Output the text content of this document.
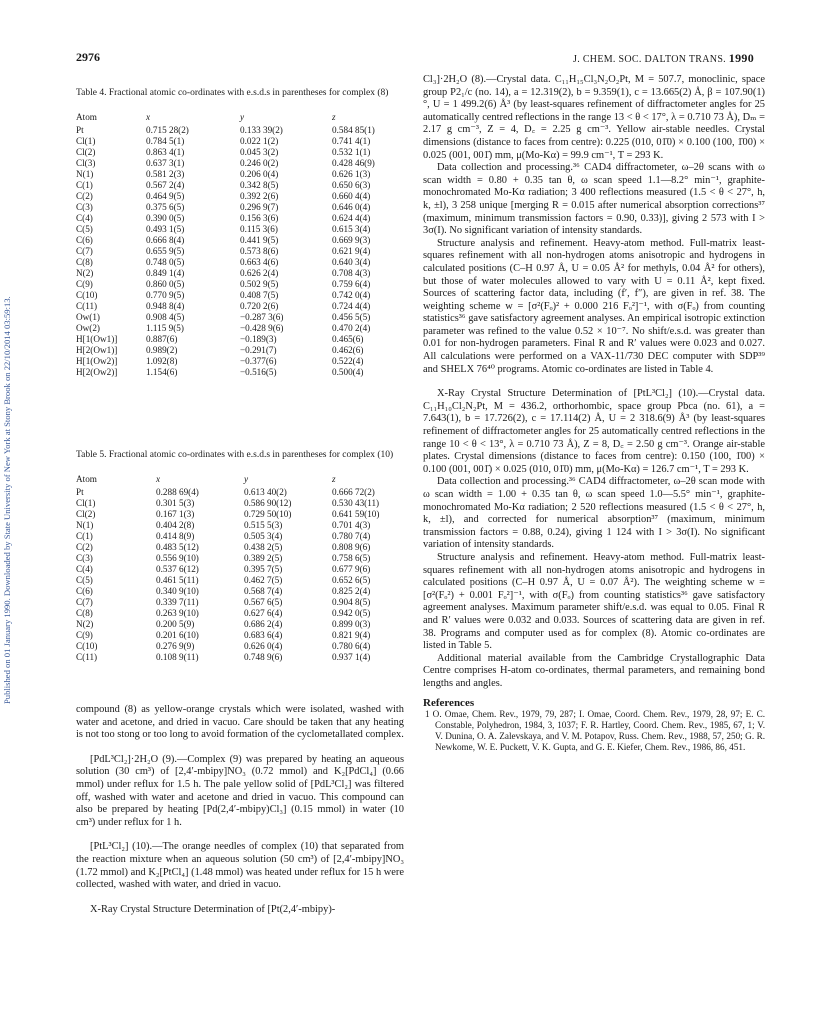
Published on 01 January 1990. Downloaded by State University of New York at Stony Brook on 22/10/2014 03:59:13.
2976	J. CHEM. SOC. DALTON TRANS. 1990
Table 4. Fractional atomic co-ordinates with e.s.d.s in parentheses for complex (8)
Atom	x	y	z
Pt	0.715 28(2)	0.133 39(2)	0.584 85(1)
Cl(1)	0.784 5(1)	0.022 1(2)	0.741 4(1)
Cl(2)	0.863 4(1)	0.045 3(2)	0.532 1(1)
Cl(3)	0.637 3(1)	0.246 0(2)	0.428 46(9)
N(1)	0.581 2(3)	0.206 0(4)	0.626 1(3)
C(1)	0.567 2(4)	0.342 8(5)	0.650 6(3)
C(2)	0.464 9(5)	0.392 2(6)	0.660 4(4)
C(3)	0.375 6(5)	0.296 9(7)	0.646 0(4)
C(4)	0.390 0(5)	0.156 3(6)	0.624 4(4)
C(5)	0.493 1(5)	0.115 3(6)	0.615 3(4)
C(6)	0.666 8(4)	0.441 9(5)	0.669 9(3)
C(7)	0.655 9(5)	0.573 8(6)	0.621 9(4)
C(8)	0.748 0(5)	0.663 4(6)	0.640 3(4)
N(2)	0.849 1(4)	0.626 2(4)	0.708 4(3)
C(9)	0.860 0(5)	0.502 9(5)	0.759 6(4)
C(10)	0.770 9(5)	0.408 7(5)	0.742 0(4)
C(11)	0.948 8(4)	0.720 2(6)	0.724 4(4)
Ow(1)	0.908 4(5)	−0.287 3(6)	0.456 5(5)
Ow(2)	1.115 9(5)	−0.428 9(6)	0.470 2(4)
H[1(Ow1)]	0.887(6)	−0.189(3)	0.465(6)
H[2(Ow1)]	0.989(2)	−0.291(7)	0.462(6)
H[1(Ow2)]	1.092(8)	−0.377(6)	0.522(4)
H[2(Ow2)]	1.154(6)	−0.516(5)	0.500(4)
Table 5. Fractional atomic co-ordinates with e.s.d.s in parentheses for complex (10)
Atom	x	y	z
Pt	0.288 69(4)	0.613 40(2)	0.666 72(2)
Cl(1)	0.301 5(3)	0.586 90(12)	0.530 43(11)
Cl(2)	0.167 1(3)	0.729 50(10)	0.641 59(10)
N(1)	0.404 2(8)	0.515 5(3)	0.701 4(3)
C(1)	0.414 8(9)	0.505 3(4)	0.780 7(4)
C(2)	0.483 5(12)	0.438 2(5)	0.808 9(6)
C(3)	0.556 9(10)	0.389 2(5)	0.758 6(5)
C(4)	0.537 6(12)	0.395 7(5)	0.677 9(6)
C(5)	0.461 5(11)	0.462 7(5)	0.652 6(5)
C(6)	0.340 9(10)	0.568 7(4)	0.825 2(4)
C(7)	0.339 7(11)	0.567 6(5)	0.904 8(5)
C(8)	0.263 9(10)	0.627 6(4)	0.942 0(5)
N(2)	0.200 5(9)	0.686 2(4)	0.899 0(3)
C(9)	0.201 6(10)	0.683 6(4)	0.821 9(4)
C(10)	0.276 9(9)	0.626 0(4)	0.780 6(4)
C(11)	0.108 9(11)	0.748 9(6)	0.937 1(4)

compound (8) as yellow-orange crystals which were isolated, washed with water and acetone, and dried in vacuo. Care should be taken that any heating is not too stong or too long to avoid formation of the cyclometallated complex.

[PdL³Cl₂]·2H₂O (9).—Complex (9) was prepared by heating an aqueous solution (30 cm³) of [2,4′-mbipy]NO₃ (0.72 mmol) and K₂[PdCl₄] (0.66 mmol) under reflux for 1.5 h. The pale yellow solid of [PdL³Cl₂] was filtered off, washed with water and acetone and dried in vacuo. This compound can also be prepared by heating [Pd(2,4′-mbipy)Cl₃] (0.15 mmol) in water (10 cm³) under reflux for 1 h.

[PtL³Cl₂] (10).—The orange needles of complex (10) that separated from the reaction mixture when an aqueous solution (50 cm³) of [2,4′-mbipy]NO₃ (1.72 mmol) and K₂[PtCl₄] (1.48 mmol) was heated under reflux for 15 h were collected, washed with water, and dried in vacuo.

X-Ray Crystal Structure Determination of [Pt(2,4′-mbipy)-

Cl₃]·2H₂O (8).—Crystal data. C₁₁H₁₅Cl₃N₂O₂Pt, M = 507.7, monoclinic, space group P2₁/c (no. 14), a = 12.319(2), b = 9.359(1), c = 13.665(2) Å, β = 107.90(1)°, U = 1 499.2(6) Å³ (by least-squares refinement of diffractometer angles for 25 automatically centred reflections in the range 13 < θ < 17°, λ = 0.710 73 Å), Dₘ = 2.17 g cm⁻³, Z = 4, D꜀ = 2.25 g cm⁻³. Yellow air-stable needles. Crystal dimensions (distance to faces from centre): 0.225 (010, 01̄0) × 0.100 (100, 1̄00) × 0.025 (001, 001̄) mm, μ(Mo-Kα) = 99.9 cm⁻¹, T = 293 K.

Data collection and processing.³⁶ CAD4 diffractometer, ω–2θ scans with ω scan width = 0.80 + 0.35 tan θ, ω scan speed 1.1—8.2° min⁻¹, graphite-monochromated Mo-Kα radiation; 3 400 reflections measured (1.5 < θ < 27°, h, k, ±l), 3 258 unique [merging R = 0.015 after numerical absorption corrections³⁷ (maximum, minimum transmission factors = 0.90, 0.33)], giving 2 573 with I > 3σ(I). No significant variation of intensity standards.

Structure analysis and refinement. Heavy-atom method. Full-matrix least-squares refinement with all non-hydrogen atoms anisotropic and hydrogens in calculated positions (C–H 0.97 Å, U = 0.05 Å² for methyls, 0.04 Å² for others), but those of water molecules allowed to vary with U = 0.11 Å², kept fixed. Sources of scattering factor data, including (f′, f″), are given in ref. 38. The weighting scheme w = [σ²(Fₒ)² + 0.000 216 Fₒ²]⁻¹, with σ(Fₒ) from counting statistics³⁶ gave satisfactory agreement analyses. An empirical isotropic extinction parameter was refined to the value 0.52 × 10⁻⁷. No shift/e.s.d. was greater than 0.01 for non-hydrogen parameters. Final R and R′ values were 0.023 and 0.027. All calculations were performed on a VAX-11/730 DEC computer with SDP³⁹ and SHELX 76⁴⁰ programs. Atomic co-ordinates are listed in Table 4.

X-Ray Crystal Structure Determination of [PtL³Cl₂] (10).—Crystal data. C₁₁H₁₀Cl₂N₂Pt, M = 436.2, orthorhombic, space group Pbca (no. 61), a = 7.643(1), b = 17.726(2), c = 17.114(2) Å, U = 2 318.6(9) Å³ (by least-squares refinement of diffractometer angles for 25 automatically centred reflections in the range 10 < θ < 13°, λ = 0.710 73 Å), Z = 8, D꜀ = 2.50 g cm⁻³. Orange air-stable plates. Crystal dimensions (distance to faces from centre): 0.150 (100, 1̄00) × 0.100 (001, 001̄) × 0.025 (010, 01̄0) mm, μ(Mo-Kα) = 126.7 cm⁻¹, T = 293 K.

Data collection and processing.³⁶ CAD4 diffractometer, ω–2θ scan mode with ω scan width = 1.00 + 0.35 tan θ, ω scan speed 1.0—5.5° min⁻¹, graphite-monochromated Mo-Kα radiation; 2 520 reflections measured (1.5 < θ < 27°, h, k, ±l), and corrected for numerical absorption³⁷ (maximum, minimum transmission factors = 0.88, 0.24), giving 1 124 with I > 3σ(I). No significant variation of intensity standards.

Structure analysis and refinement. Heavy-atom method. Full-matrix least-squares refinement with all non-hydrogen atoms anisotropic and hydrogens in calculated positions (C–H 0.97 Å, U = 0.07 Å²). The weighting scheme w = [σ²(Fₒ²) + 0.001 Fₒ²]⁻¹, with σ(Fₒ) from counting statistics³⁶ gave satisfactory agreement analyses. Maximum parameter shift/e.s.d. was equal to 0.05. Final R and R′ values were 0.032 and 0.033. Sources of scattering data are given in ref. 38. Programs and computer used as for complex (8). Atomic co-ordinates are listed in Table 5.

Additional material available from the Cambridge Crystallographic Data Centre comprises H-atom co-ordinates, thermal parameters, and remaining bond lengths and angles.

References
1 O. Omae, Chem. Rev., 1979, 79, 287; I. Omae, Coord. Chem. Rev., 1979, 28, 97; E. C. Constable, Polyhedron, 1984, 3, 1037; F. R. Hartley, Coord. Chem. Rev., 1985, 67, 1; V. V. Dunina, O. A. Zalevskaya, and V. M. Potapov, Russ. Chem. Rev., 1988, 57, 250; G. R. Newkome, W. E. Puckett, V. K. Gupta, and G. E. Kiefer, Chem. Rev., 1986, 86, 451.
